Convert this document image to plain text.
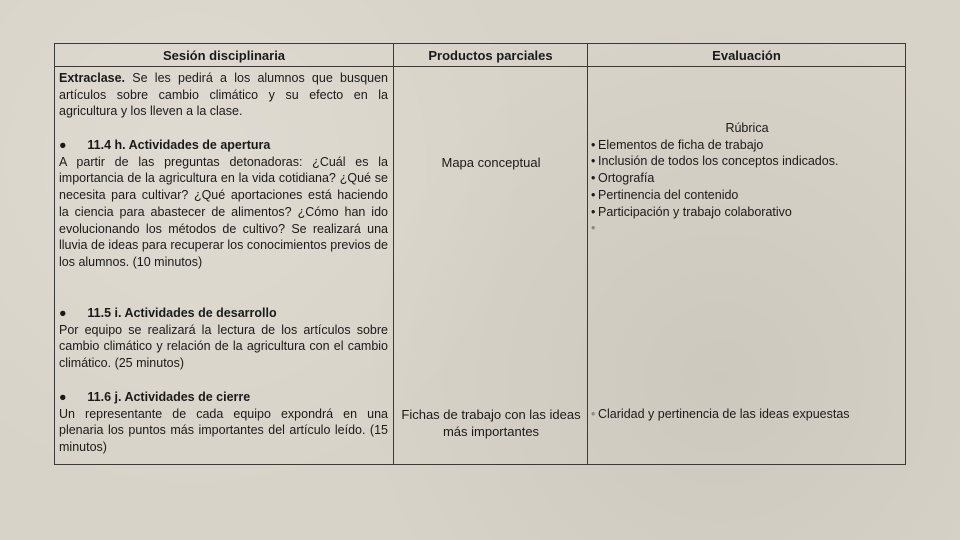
Sesión disciplinaria	Productos parciales	Evaluación

Extraclase. Se les pedirá a los alumnos que busquen artículos sobre cambio climático y su efecto en la agricultura y los lleven a la clase.

●      11.4 h. Actividades de apertura

A partir de las preguntas detonadoras: ¿Cuál es la importancia de la agricultura en la vida cotidiana? ¿Qué se necesita para cultivar? ¿Qué aportaciones está haciendo la ciencia para abastecer de alimentos? ¿Cómo han ido evolucionando los métodos de cultivo? Se realizará una lluvia de ideas para recuperar los conocimientos previos de los alumnos. (10 minutos)

●      11.5 i. Actividades de desarrollo

Por equipo se realizará la lectura de los artículos sobre cambio climático y relación de la agricultura con el cambio climático. (25 minutos)

●      11.6 j. Actividades de cierre

Un representante de cada equipo expondrá en una plenaria los puntos más importantes del artículo leído. (15 minutos)

Mapa conceptual
Fichas de trabajo con las ideas más importantes
Rúbrica
• Elementos de ficha de trabajo
• Inclusión de todos los conceptos indicados.
• Ortografía
• Pertinencia del contenido
• Participación y trabajo colaborativo
•
• Claridad y pertinencia de las ideas expuestas
